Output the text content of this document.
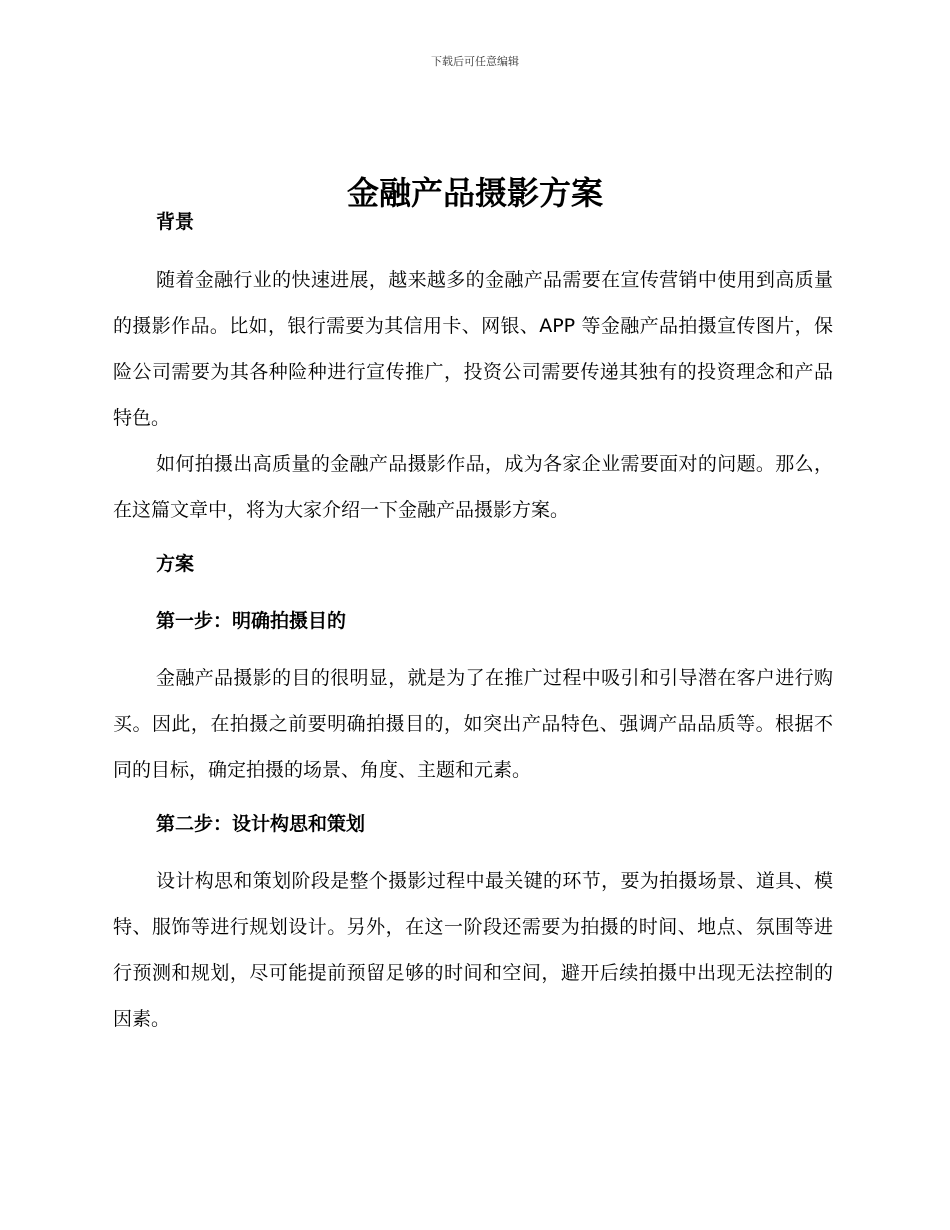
下载后可任意编辑
金融产品摄影方案
背景

随着金融行业的快速进展，越来越多的金融产品需要在宣传营销中使用到高质量的摄影作品。比如，银行需要为其信用卡、网银、APP 等金融产品拍摄宣传图片，保险公司需要为其各种险种进行宣传推广，投资公司需要传递其独有的投资理念和产品特色。

如何拍摄出高质量的金融产品摄影作品，成为各家企业需要面对的问题。那么，在这篇文章中，将为大家介绍一下金融产品摄影方案。

方案
第一步：明确拍摄目的

金融产品摄影的目的很明显，就是为了在推广过程中吸引和引导潜在客户进行购买。因此，在拍摄之前要明确拍摄目的，如突出产品特色、强调产品品质等。根据不同的目标，确定拍摄的场景、角度、主题和元素。

第二步：设计构思和策划

设计构思和策划阶段是整个摄影过程中最关键的环节，要为拍摄场景、道具、模特、服饰等进行规划设计。另外，在这一阶段还需要为拍摄的时间、地点、氛围等进行预测和规划，尽可能提前预留足够的时间和空间，避开后续拍摄中出现无法控制的因素。
